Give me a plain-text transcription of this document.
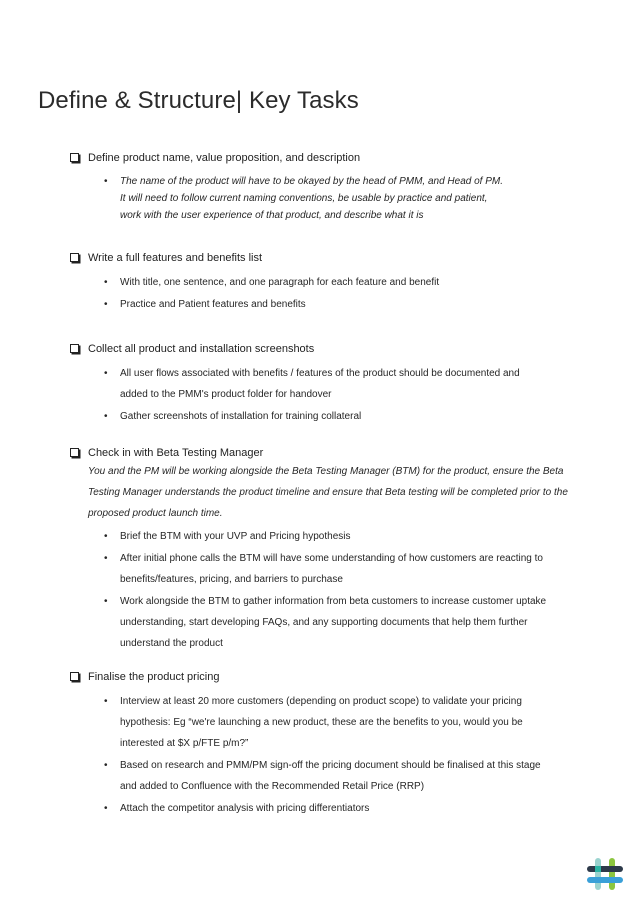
Define & Structure| Key Tasks
Define product name, value proposition, and description
• The name of the product will have to be okayed by the head of PMM, and Head of PM.
It will need to follow current naming conventions, be usable by practice and patient,
work with the user experience of that product, and describe what it is
Write a full features and benefits list
• With title, one sentence, and one paragraph for each feature and benefit
• Practice and Patient features and benefits
Collect all product and installation screenshots
• All user flows associated with benefits / features of the product should be documented and
added to the PMM's product folder for handover
• Gather screenshots of installation for training collateral
Check in with Beta Testing Manager
You and the PM will be working alongside the Beta Testing Manager (BTM) for the product, ensure the Beta
Testing Manager understands the product timeline and ensure that Beta testing will be completed prior to the
proposed product launch time.
• Brief the BTM with your UVP and Pricing hypothesis
• After initial phone calls the BTM will have some understanding of how customers are reacting to
benefits/features, pricing, and barriers to purchase
• Work alongside the BTM to gather information from beta customers to increase customer uptake
understanding, start developing FAQs, and any supporting documents that help them further
understand the product
Finalise the product pricing
• Interview at least 20 more customers (depending on product scope) to validate your pricing
hypothesis: Eg “we're launching a new product, these are the benefits to you, would you be
interested at $X p/FTE p/m?”
• Based on research and PMM/PM sign-off the pricing document should be finalised at this stage
and added to Confluence with the Recommended Retail Price (RRP)
• Attach the competitor analysis with pricing differentiators
